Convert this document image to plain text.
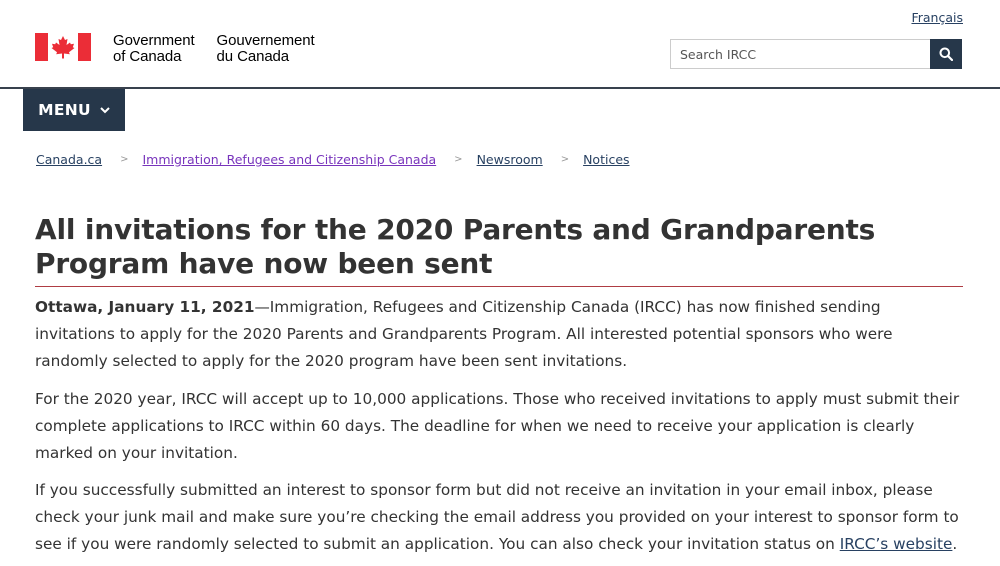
Français
Government
of Canada
Gouvernement
du Canada
Search IRCC
MENU
Canada.ca > Immigration, Refugees and Citizenship Canada > Newsroom > Notices
All invitations for the 2020 Parents and Grandparents Program have now been sent

Ottawa, January 11, 2021—Immigration, Refugees and Citizenship Canada (IRCC) has now finished sending invitations to apply for the 2020 Parents and Grandparents Program. All interested potential sponsors who were randomly selected to apply for the 2020 program have been sent invitations.

For the 2020 year, IRCC will accept up to 10,000 applications. Those who received invitations to apply must submit their complete applications to IRCC within 60 days. The deadline for when we need to receive your application is clearly marked on your invitation.

If you successfully submitted an interest to sponsor form but did not receive an invitation in your email inbox, please check your junk mail and make sure you’re checking the email address you provided on your interest to sponsor form to see if you were randomly selected to submit an application. You can also check your invitation status on IRCC’s website.
